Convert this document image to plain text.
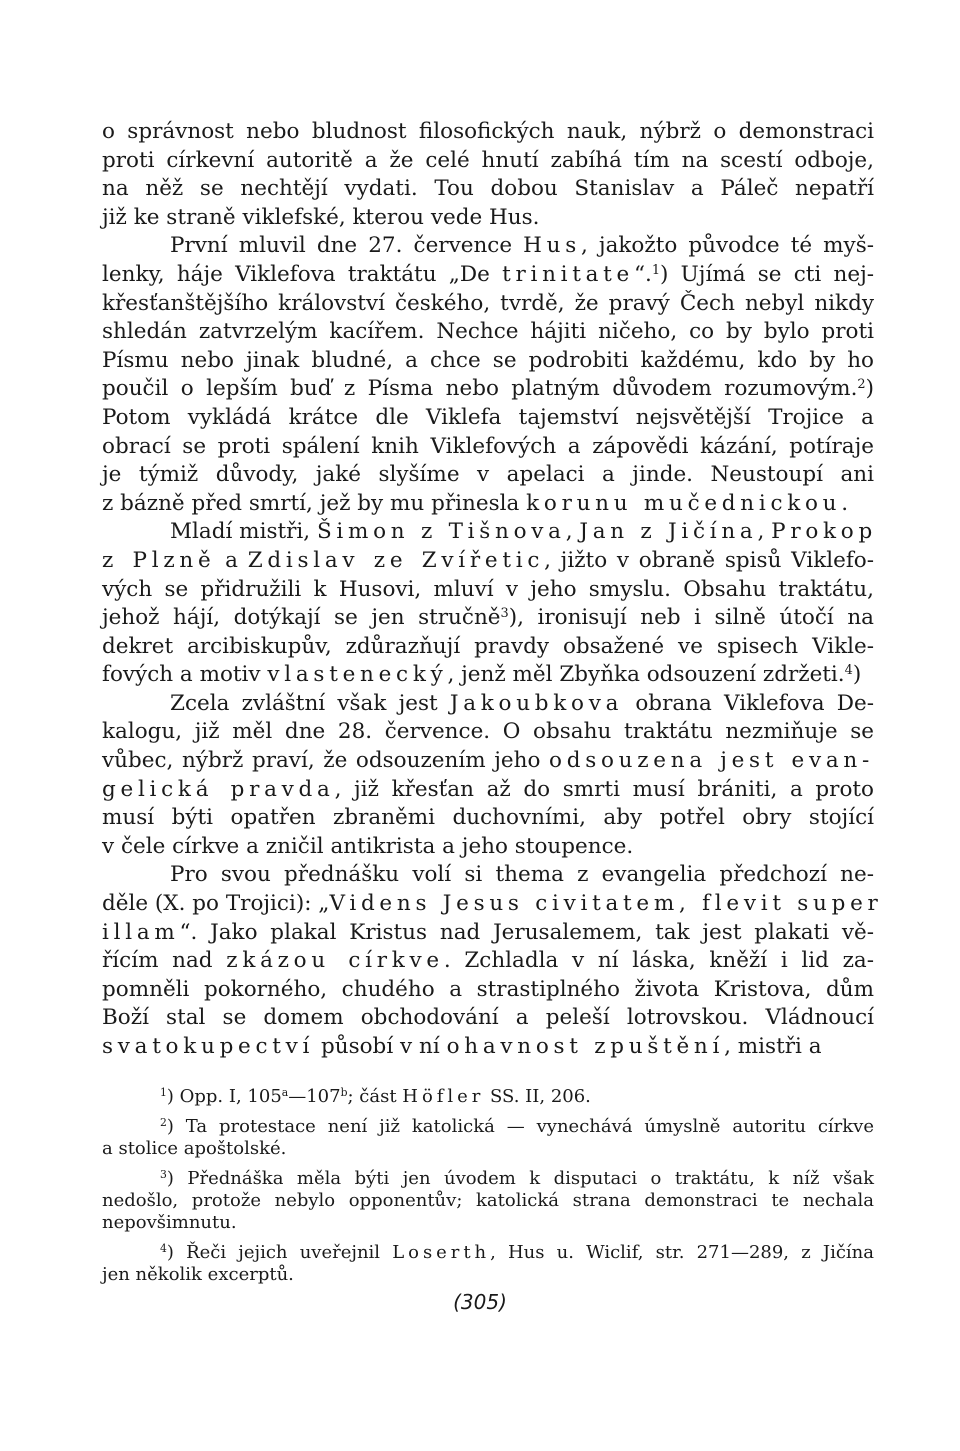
o správnost nebo bludnost filosofických nauk, nýbrž o demonstraci
proti církevní autoritě a že celé hnutí zabíhá tím na scestí odboje,
na něž se nechtějí vydati. Tou dobou Stanislav a Páleč nepatří
již ke straně viklefské, kterou vede Hus.
První mluvil dne 27. července Hus, jakožto původce té myš-
lenky, háje Viklefova traktátu „De trinitate“.$^1$) Ujímá se cti nej-
křesťanštějšího království českého, tvrdě, že pravý Čech nebyl nikdy
shledán zatvrzelým kacířem. Nechce hájiti ničeho, co by bylo proti
Písmu nebo jinak bludné, a chce se podrobiti každému, kdo by ho
poučil o lepším buď z Písma nebo platným důvodem rozumovým.$^2$)
Potom vykládá krátce dle Viklefa tajemství nejsvětější Trojice a
obrací se proti spálení knih Viklefových a zápovědi kázání, potíraje
je týmiž důvody, jaké slyšíme v apelaci a jinde. Neustoupí ani
z bázně před smrtí, jež by mu přinesla korunu mučednickou.
Mladí mistři, Šimon z Tišnova, Jan z Jičína, Prokop
z Plzně a Zdislav ze Zvířetic, jižto v obraně spisů Viklefo-
vých se přidružili k Husovi, mluví v jeho smyslu. Obsahu traktátu,
jehož hájí, dotýkají se jen stručně$^3$), ironisují neb i silně útočí na
dekret arcibiskupův, zdůrazňují pravdy obsažené ve spisech Vikle-
fových a motiv vlastenecký, jenž měl Zbyňka odsouzení zdržeti.$^4$)
Zcela zvláštní však jest Jakoubkova obrana Viklefova De-
kalogu, již měl dne 28. července. O obsahu traktátu nezmiňuje se
vůbec, nýbrž praví, že odsouzením jeho odsouzena jest evan-
gelická pravda, již křesťan až do smrti musí brániti, a proto
musí býti opatřen zbraněmi duchovními, aby potřel obry stojící
v čele církve a zničil antikrista a jeho stoupence.
Pro svou přednášku volí si thema z evangelia předchozí ne-
děle (X. po Trojici): „Videns Jesus civitatem, flevit super
illam“. Jako plakal Kristus nad Jerusalemem, tak jest plakati vě-
řícím nad zkázou církve. Zchladla v ní láska, kněží i lid za-
pomněli pokorného, chudého a strastiplného života Kristova, dům
Boží stal se domem obchodování a peleší lotrovskou. Vládnoucí
svatokupectví působí v ní ohavnost zpuštění, mistři a
$^1$) Opp. I, 105$^a$—107$^b$; část Höfler SS. II, 206.
$^2$) Ta protestace není již katolická — vynechává úmyslně autoritu církve
a stolice apoštolské.
$^3$) Přednáška měla býti jen úvodem k disputaci o traktátu, k níž však
nedošlo, protože nebylo opponentův; katolická strana demonstraci te nechala
nepovšimnutu.
$^4$) Řeči jejich uveřejnil Loserth, Hus u. Wiclif, str. 271—289, z Jičína
jen několik excerptů.
(305)
